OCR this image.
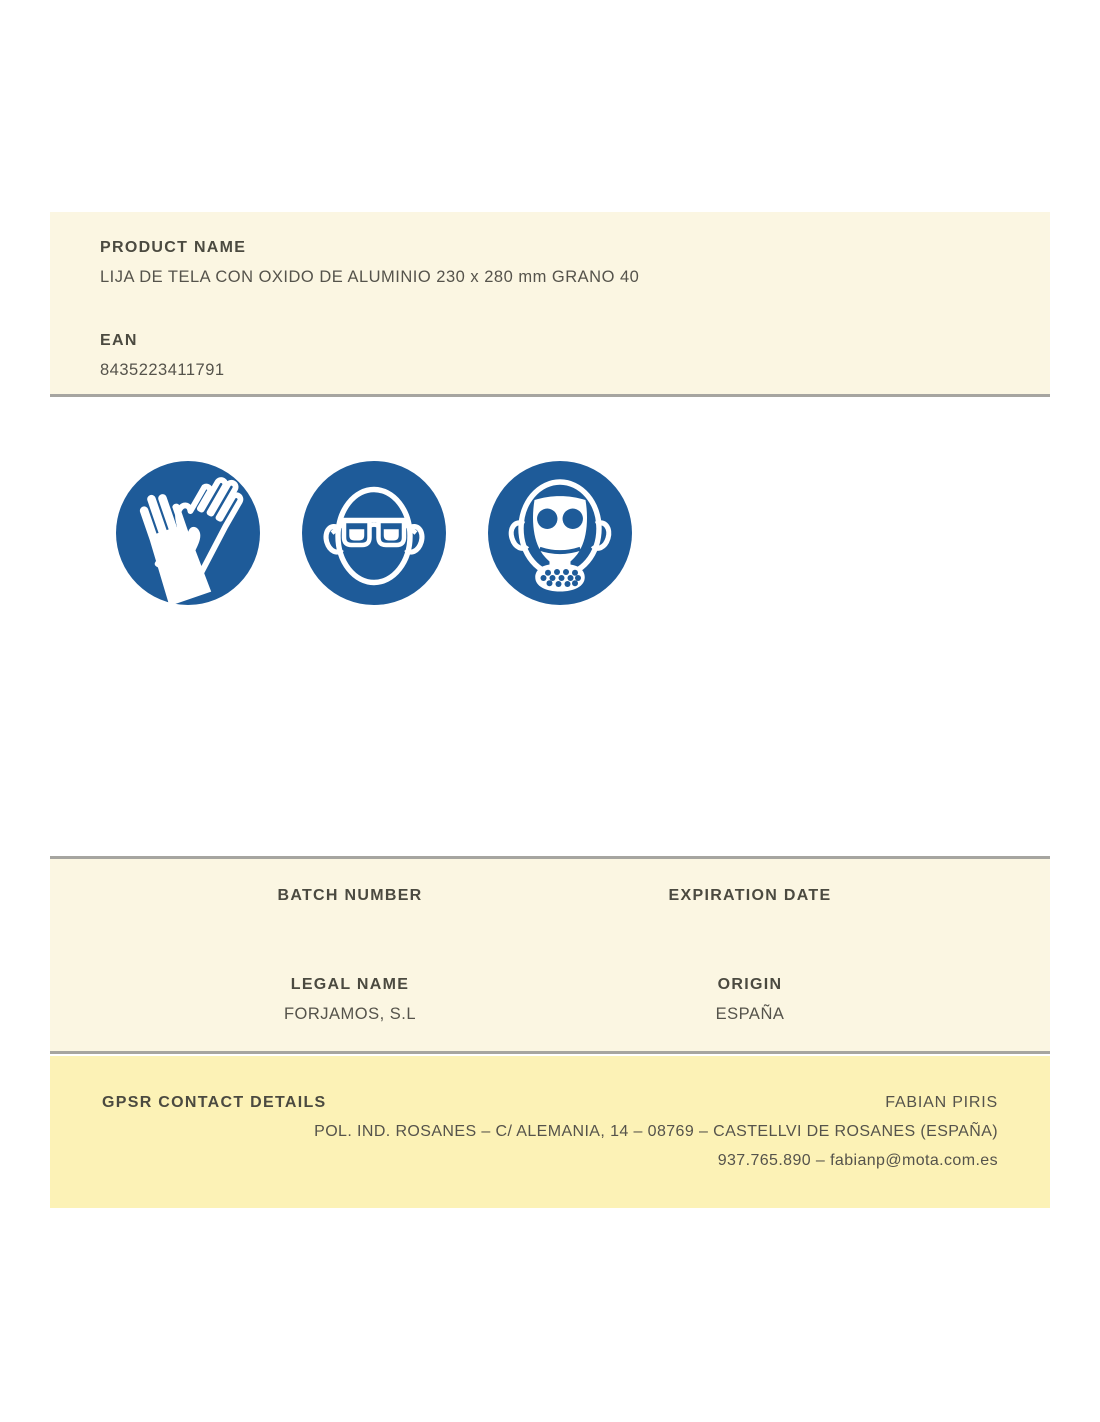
PRODUCT NAME
LIJA DE TELA CON OXIDO DE ALUMINIO 230 x 280 mm GRANO 40
EAN
8435223411791
BATCH NUMBER	EXPIRATION DATE
LEGAL NAME	ORIGIN
FORJAMOS, S.L	ESPAÑA
GPSR CONTACT DETAILS	FABIAN PIRIS
POL. IND. ROSANES – C/ ALEMANIA, 14 – 08769 – CASTELLVI DE ROSANES (ESPAÑA)
937.765.890 – fabianp@mota.com.es
